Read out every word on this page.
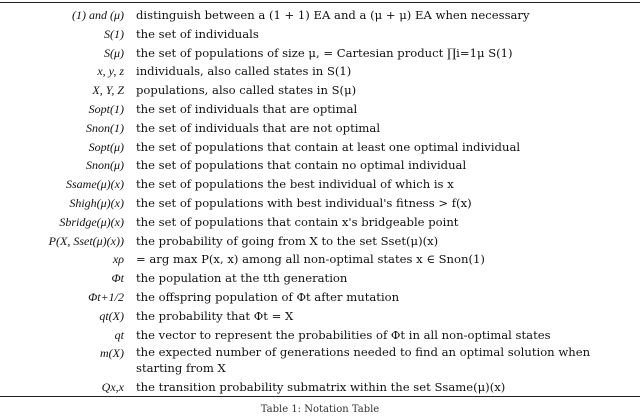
(1) and (μ) distinguish between a (1 + 1) EA and a (μ + μ) EA when necessary
S(1) the set of individuals
S(μ) the set of populations of size μ, = Cartesian product ∏i=1μ S(1)
x, y, z individuals, also called states in S(1)
X, Y, Z populations, also called states in S(μ)
Sopt(1) the set of individuals that are optimal
Snon(1) the set of individuals that are not optimal
Sopt(μ) the set of populations that contain at least one optimal individual
Snon(μ) the set of populations that contain no optimal individual
Ssame(μ)(x) the set of populations the best individual of which is x
Shigh(μ)(x) the set of populations with best individual's fitness > f(x)
Sbridge(μ)(x) the set of populations that contain x's bridgeable point
P(X, Sset(μ)(x)) the probability of going from X to the set Sset(μ)(x)
xρ = arg max P(x, x) among all non-optimal states x ∈ Snon(1)
Φt the population at the tth generation
Φt+1/2 the offspring population of Φt after mutation
qt(X) the probability that Φt = X
qt the vector to represent the probabilities of Φt in all non-optimal states
m(X) the expected number of generations needed to find an optimal solution when starting from X
Qx,x the transition probability submatrix within the set Ssame(μ)(x)
Table 1: Notation Table
